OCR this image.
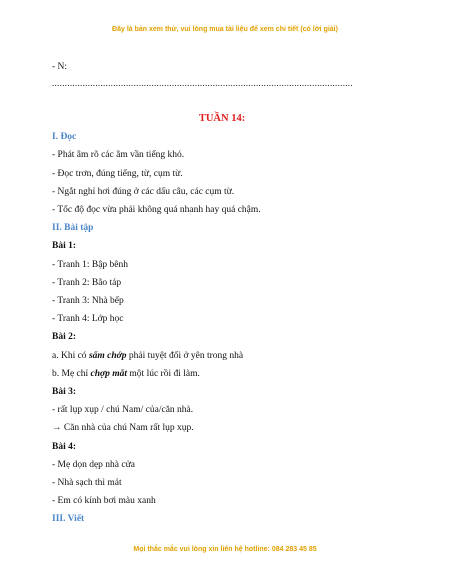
Đây là bản xem thử, vui lòng mua tài liệu để xem chi tiết (có lời giải)
- N:
......................................................................................................................
TUẦN 14:
I. Đọc
- Phát âm rõ các âm vần tiếng khó.
- Đọc trơn, đúng tiếng, từ, cụm từ.
- Ngắt nghỉ hơi đúng ở các dấu câu, các cụm từ.
- Tốc độ đọc vừa phải không quá nhanh hay quá chậm.
II. Bài tập
Bài 1:
- Tranh 1: Bập bênh
- Tranh 2: Bão táp
- Tranh 3: Nhà bếp
- Tranh 4: Lớp học
Bài 2:
a. Khi có sấm chớp phải tuyệt đối ở yên trong nhà
b. Mẹ chỉ chợp mắt một lúc rồi đi làm.
Bài 3:
- rất lụp xụp / chú Nam/ của/căn nhà.
→ Căn nhà của chú Nam rất lụp xụp.
Bài 4:
- Mẹ dọn dẹp nhà cửa
- Nhà sạch thì mát
- Em có kính bơi màu xanh
III. Viết
Mọi thắc mắc vui lòng xin liên hệ hotline: 084 283 45 85
